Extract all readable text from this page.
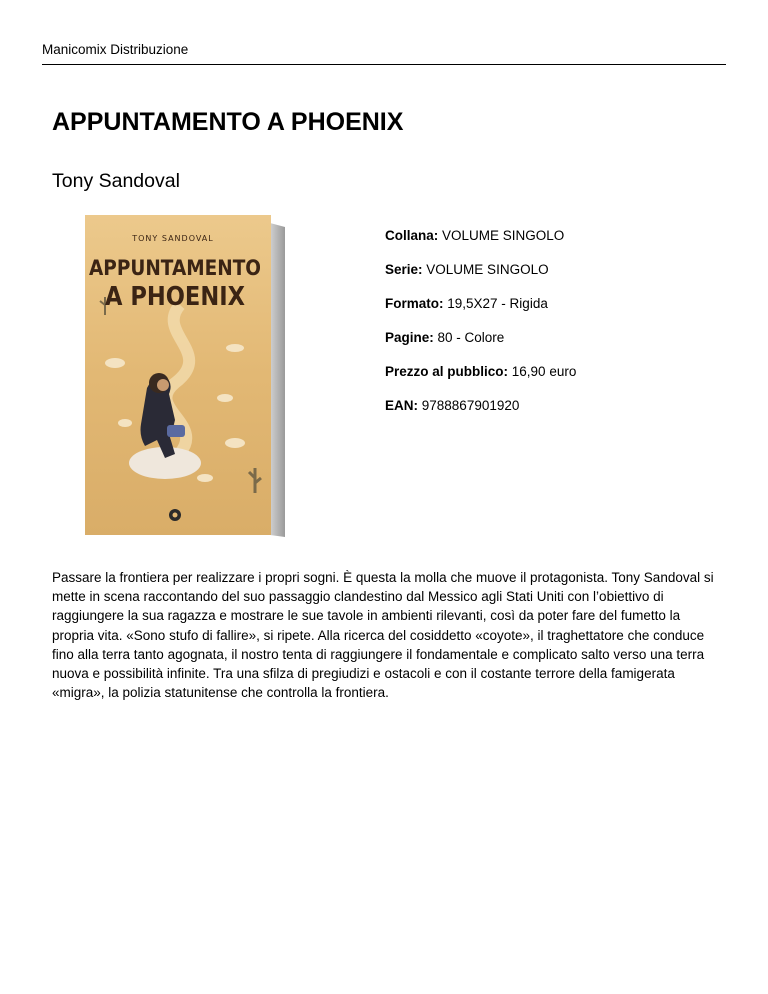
Manicomix Distribuzione
APPUNTAMENTO A PHOENIX
Tony Sandoval
TONY SANDOVAL
APPUNTAMENTO
A PHOENIX
Collana: VOLUME SINGOLO
Serie: VOLUME SINGOLO
Formato: 19,5X27 - Rigida
Pagine: 80 - Colore
Prezzo al pubblico: 16,90 euro
EAN: 9788867901920

Passare la frontiera per realizzare i propri sogni. È questa la molla che muove il protagonista. Tony Sandoval si mette in scena raccontando del suo passaggio clandestino dal Messico agli Stati Uniti con l’obiettivo di raggiungere la sua ragazza e mostrare le sue tavole in ambienti rilevanti, così da poter fare del fumetto la propria vita. «Sono stufo di fallire», si ripete. Alla ricerca del cosiddetto «coyote», il traghettatore che conduce fino alla terra tanto agognata, il nostro tenta di raggiungere il fondamentale e complicato salto verso una terra nuova e possibilità infinite. Tra una sfilza di pregiudizi e ostacoli e con il costante terrore della famigerata «migra», la polizia statunitense che controlla la frontiera.
